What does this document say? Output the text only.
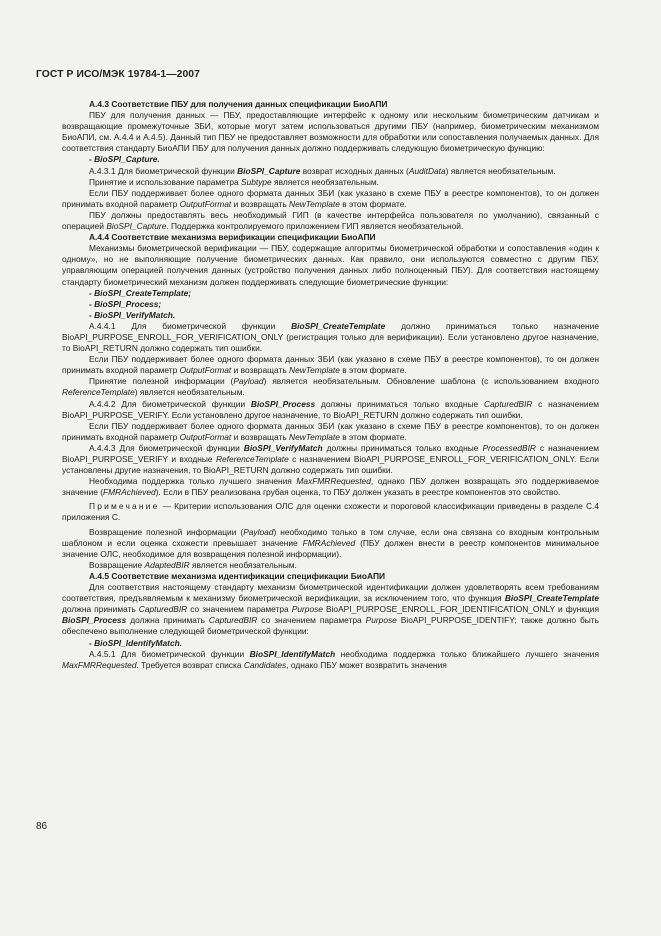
ГОСТ Р ИСО/МЭК 19784-1—2007

А.4.3 Соответствие ПБУ для получения данных спецификации БиоАПИ

ПБУ для получения данных — ПБУ, предоставляющие интерфейс к одному или нескольким биометрическим датчикам и возвращающие промежуточные ЗБИ, которые могут затем использоваться другими ПБУ (например, биометрическим механизмом БиоАПИ, см. А.4.4 и А.4.5). Данный тип ПБУ не предоставляет возможности для обработки или сопоставления получаемых данных. Для соответствия стандарту БиоАПИ ПБУ для получения данных должно поддерживать следующую биометрическую функцию:

- BioSPI_Capture.

А.4.3.1 Для биометрической функции BioSPI_Capture возврат исходных данных (AuditData) является необязательным.

Принятие и использование параметра Subtype является необязательным.

Если ПБУ поддерживает более одного формата данных ЗБИ (как указано в схеме ПБУ в реестре компонентов), то он должен принимать входной параметр OutputFormat и возвращать NewTemplate в этом формате.

ПБУ должны предоставлять весь необходимый ГИП (в качестве интерфейса пользователя по умолчанию), связанный с операцией BioSPI_Capture. Поддержка контролируемого приложением ГИП является необязательной.

А.4.4 Соответствие механизма верификации спецификации БиоАПИ

Механизмы биометрической верификации — ПБУ, содержащие алгоритмы биометрической обработки и сопоставления «один к одному», но не выполняющие получение биометрических данных. Как правило, они используются совместно с другим ПБУ, управляющим операцией получения данных (устройство получения данных либо полноценный ПБУ). Для соответствия настоящему стандарту биометрический механизм должен поддерживать следующие биометрические функции:

- BioSPI_CreateTemplate;

- BioSPI_Process;

- BioSPI_VerifyMatch.

А.4.4.1 Для биометрической функции BioSPI_CreateTemplate должно приниматься только назначение BioAPI_PURPOSE_ENROLL_FOR_VERIFICATION_ONLY (регистрация только для верификации). Если установлено другое назначение, то BioAPI_RETURN должно содержать тип ошибки.

Если ПБУ поддерживает более одного формата данных ЗБИ (как указано в схеме ПБУ в реестре компонентов), то он должен принимать входной параметр OutputFormat и возвращать NewTemplate в этом формате.

Принятие полезной информации (Payload) является необязательным. Обновление шаблона (с использованием входного ReferenceTemplate) является необязательным.

А.4.4.2 Для биометрической функции BioSPI_Process должны приниматься только входные CapturedBIR с назначением BioAPI_PURPOSE_VERIFY. Если установлено другое назначение, то BioAPI_RETURN должно содержать тип ошибки.

Если ПБУ поддерживает более одного формата данных ЗБИ (как указано в схеме ПБУ в реестре компонентов), то он должен принимать входной параметр OutputFormat и возвращать NewTemplate в этом формате.

А.4.4.3 Для биометрической функции BioSPI_VerifyMatch должны приниматься только входные ProcessedBIR с назначением BioAPI_PURPOSE_VERIFY и входные ReferenceTemplate с назначением BioAPI_PURPOSE_ENROLL_FOR_VERIFICATION_ONLY. Если установлены другие назначения, то BioAPI_RETURN должно содержать тип ошибки.

Необходима поддержка только лучшего значения MaxFMRRequested, однако ПБУ должен возвращать это поддерживаемое значение (FMRAchieved). Если в ПБУ реализована грубая оценка, то ПБУ должен указать в реестре компонентов это свойство.

Примечание — Критерии использования ОЛС для оценки схожести и пороговой классификации приведены в разделе С.4 приложения С.

Возвращение полезной информации (Payload) необходимо только в том случае, если она связана со входным контрольным шаблоном и если оценка схожести превышает значение FMRAchieved (ПБУ должен внести в реестр компонентов минимальное значение ОЛС, необходимое для возвращения полезной информации).

Возвращение AdaptedBIR является необязательным.

А.4.5 Соответствие механизма идентификации спецификации БиоАПИ

Для соответствия настоящему стандарту механизм биометрической идентификации должен удовлетворять всем требованиям соответствия, предъявляемым к механизму биометрической верификации, за исключением того, что функция BioSPI_CreateTemplate должна принимать CapturedBIR со значением параметра Purpose BioAPI_PURPOSE_ENROLL_FOR_IDENTIFICATION_ONLY и функция BioSPI_Process должна принимать CapturedBIR со значением параметра Purpose BioAPI_PURPOSE_IDENTIFY; также должно быть обеспечено выполнение следующей биометрической функции:

- BioSPI_IdentifyMatch.

А.4.5.1 Для биометрической функции BioSPI_IdentifyMatch необходима поддержка только ближайшего лучшего значения MaxFMRRequested. Требуется возврат списка Candidates, однако ПБУ может возвратить значения

86
